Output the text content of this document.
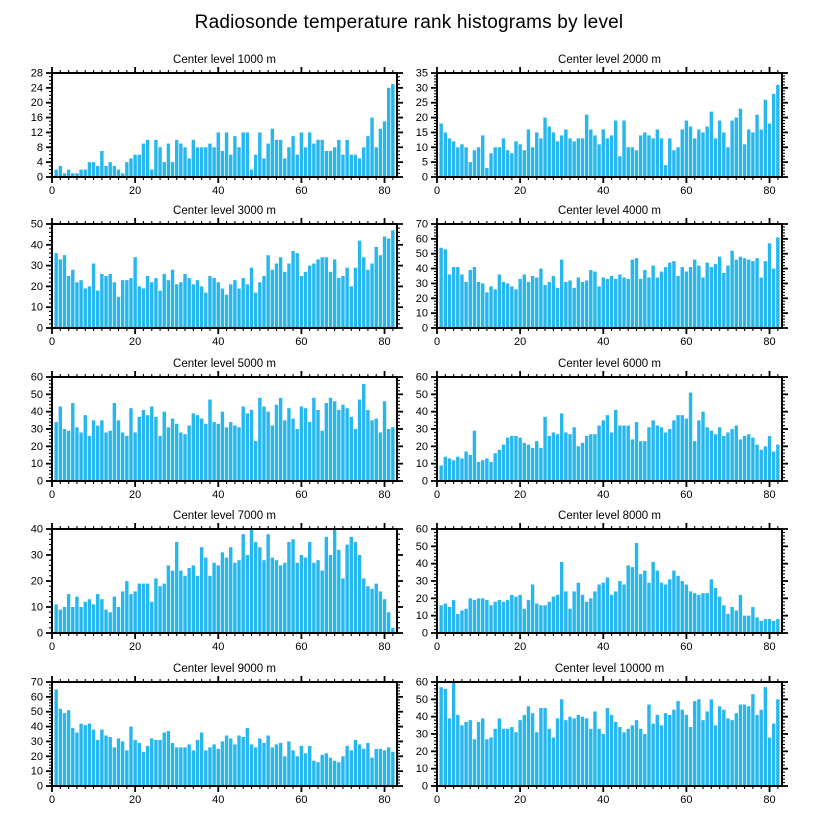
Radiosonde temperature rank histograms by level
Center level 1000 m
0	20	40	60	80
0
4
8
12
16
20
24
28
Center level 2000 m
0	20	40	60	80
0
5
10
15
20
25
30
35
Center level 3000 m
0	20	40	60	80
0
10
20
30
40
50
Center level 4000 m
0	20	40	60	80
0
10
20
30
40
50
60
70
Center level 5000 m
0	20	40	60	80
0
10
20
30
40
50
60
Center level 6000 m
0	20	40	60	80
0
10
20
30
40
50
60
Center level 7000 m
0	20	40	60	80
0
10
20
30
40
Center level 8000 m
0	20	40	60	80
0
10
20
30
40
50
60
Center level 9000 m
0	20	40	60	80
0
10
20
30
40
50
60
70
Center level 10000 m
0	20	40	60	80
0
10
20
30
40
50
60
